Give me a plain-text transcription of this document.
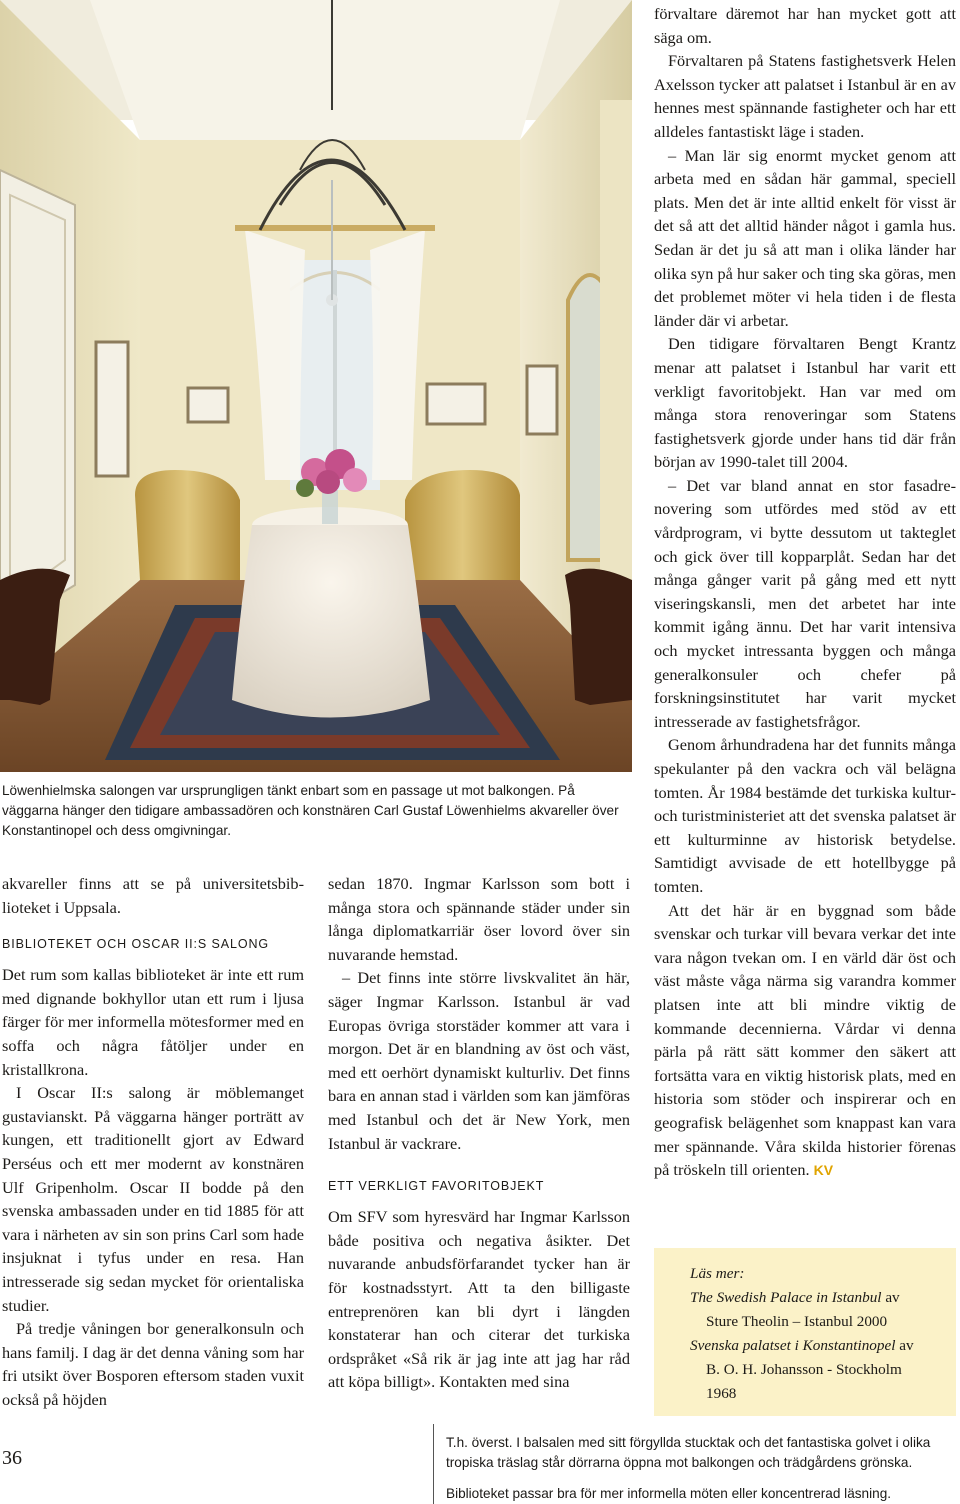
Löwenhielmska salongen var ursprungligen tänkt enbart som en passage ut mot balkongen. På väggarna hänger den tidigare ambassadören och konstnären Carl Gustaf Löwenhielms akvareller över Konstantinopel och dess omgivningar.

akvareller finns att se på universitetsbiblioteket i Uppsala.

BIBLIOTEKET OCH OSCAR II:S SALONG

Det rum som kallas biblioteket är inte ett rum med dignande bokhyllor utan ett rum i ljusa färger för mer informella mötesformer med en soffa och några fåtöljer under en kristallkrona.

I Oscar II:s salong är möblemanget gustavianskt. På väggarna hänger porträtt av kungen, ett traditionellt gjort av Edward Perséus och ett mer modernt av konstnären Ulf Gripenholm. Oscar II bodde på den svenska ambassaden under en tid 1885 för att vara i närheten av sin son prins Carl som hade insjuknat i tyfus under en resa. Han intresserade sig sedan mycket för orientaliska studier.

På tredje våningen bor generalkonsuln och hans familj. I dag är det denna våning som har fri utsikt över Bosporen eftersom staden vuxit också på höjden

sedan 1870. Ingmar Karlsson som bott i många stora och spännande städer under sin långa diplomatkarriär öser lovord över sin nuvarande hemstad.

– Det finns inte större livskvalitet än här, säger Ingmar Karlsson. Istanbul är vad Europas övriga storstäder kommer att vara i morgon. Det är en blandning av öst och väst, med ett oerhört dynamiskt kulturliv. Det finns bara en annan stad i världen som kan jämföras med Istanbul och det är New York, men Istanbul är vackrare.

ETT VERKLIGT FAVORITOBJEKT

Om SFV som hyresvärd har Ingmar Karlsson både positiva och negativa åsikter. Det nuvarande anbudsförfarandet tycker han är för kostnadsstyrt. Att ta den billigaste entreprenören kan bli dyrt i längden konstaterar han och citerar det turkiska ordspråket «Så rik är jag inte att jag har råd att köpa billigt». Kontakten med sina

förvaltare däremot har han mycket gott att säga om.

Förvaltaren på Statens fastighetsverk Helen Axelsson tycker att palatset i Istanbul är en av hennes mest spännande fastigheter och har ett alldeles fantastiskt läge i staden.

– Man lär sig enormt mycket genom att arbeta med en sådan här gammal, speciell plats. Men det är inte alltid enkelt för visst är det så att det alltid händer något i gamla hus. Sedan är det ju så att man i olika länder har olika syn på hur saker och ting ska göras, men det problemet möter vi hela tiden i de flesta länder där vi arbetar.

Den tidigare förvaltaren Bengt Krantz menar att palatset i Istanbul har varit ett verkligt favoritobjekt. Han var med om många stora renoveringar som Statens fastighetsverk gjorde under hans tid där från början av 1990-talet till 2004.

– Det var bland annat en stor fasadrenovering som utfördes med stöd av ett vårdprogram, vi bytte dessutom ut takteglet och gick över till kopparplåt. Sedan har det många gånger varit på gång med ett nytt viseringskansli, men det arbetet har inte kommit igång ännu. Det har varit intensiva och mycket intressanta byggen och många generalkonsuler och chefer på forskningsinstitutet har varit mycket intresserade av fastighetsfrågor.

Genom århundradena har det funnits många spekulanter på den vackra och väl belägna tomten. År 1984 bestämde det turkiska kultur- och turistministeriet att det svenska palatset är ett kulturminne av historisk betydelse. Samtidigt avvisade de ett hotellbygge på tomten.

Att det här är en byggnad som både svenskar och turkar vill bevara verkar det inte vara någon tvekan om. I en värld där öst och väst måste våga närma sig varandra kommer platsen inte att bli mindre viktig de kommande decennierna. Vårdar vi denna pärla på rätt sätt kommer den säkert att fortsätta vara en viktig historisk plats, med en historia som stöder och inspirerar och en geografisk belägenhet som knappast kan vara mer spännande. Våra skilda historier förenas på tröskeln till orienten. KV

Läs mer:
The Swedish Palace in Istanbul av
Sture Theolin – Istanbul 2000
Svenska palatset i Konstantinopel av
B. O. H. Johansson - Stockholm
1968
36
T.h. överst. I balsalen med sitt förgyllda stucktak och det fantastiska golvet i olika tropiska träslag står dörrarna öppna mot balkongen och trädgårdens grönska.
Biblioteket passar bra för mer informella möten eller koncentrerad läsning.
